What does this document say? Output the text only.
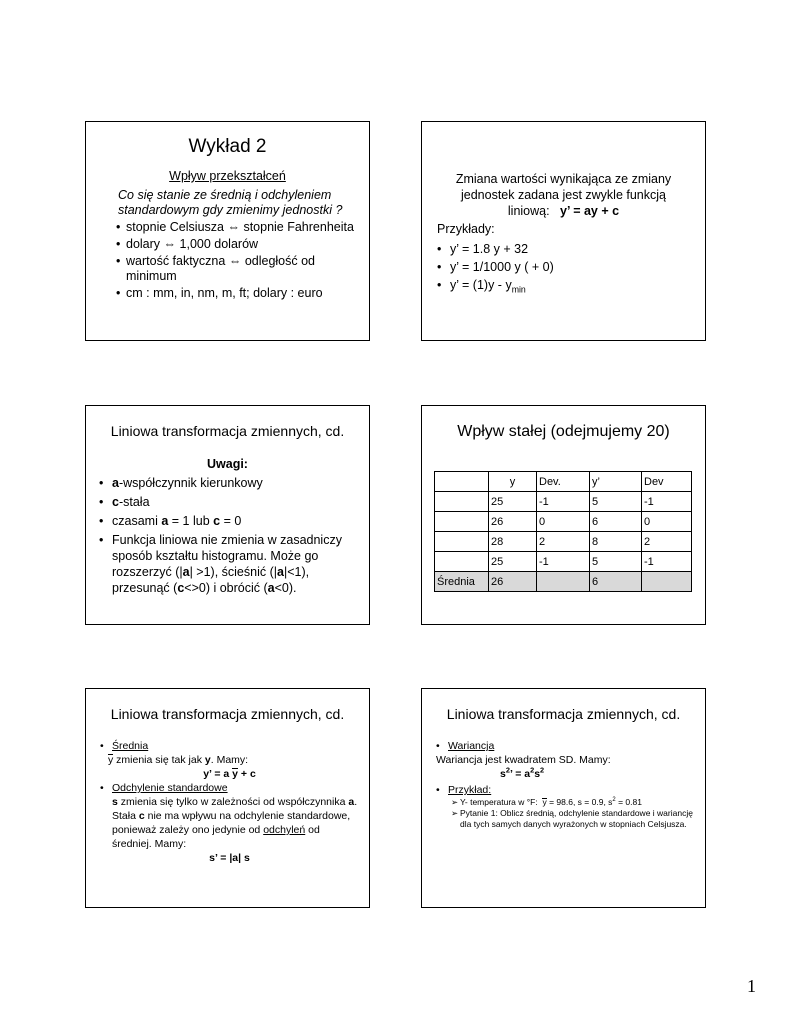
Wykład 2
Wpływ przekształceń
Co się stanie ze średnią i odchyleniem standardowym gdy zmienimy jednostki ?
• stopnie Celsiusza ⇔ stopnie Fahrenheita
• dolary ⇔ 1,000 dolarów
• wartość faktyczna ⇔ odległość od minimum
• cm : mm, in, nm, m, ft; dolary : euro
Zmiana wartości wynikająca ze zmiany jednostek zadana jest zwykle funkcją liniową: y’ = ay + c
Przykłady:
• y’ = 1.8 y + 32
• y’ = 1/1000 y ( + 0)
• y’ = $(1)y - y_{min}$
Liniowa transformacja zmiennych, cd.
Uwagi:
• a-współczynnik kierunkowy
• c-stała
• czasami a = 1 lub c = 0
• Funkcja liniowa nie zmienia w zasadniczy sposób kształtu histogramu. Może go rozszerzyć (|a| >1), ścieśnić (|a|<1), przesunąć (c<>0) i obrócić (a<0).
Wpływ stałej (odejmujemy 20)
	y	Dev.	y’	Dev
	25	-1	5	-1
	26	0	6	0
	28	2	8	2
	25	-1	5	-1
Średnia	26		6	
Liniowa transformacja zmiennych, cd.
• Średnia
y zmienia się tak jak y. Mamy:
y’ = a y + c
• Odchylenie standardowe
s zmienia się tylko w zależności od współczynnika a. Stała c nie ma wpływu na odchylenie standardowe, ponieważ zależy ono jedynie od odchyleń od średniej. Mamy:
s’ = |a| s
Liniowa transformacja zmiennych, cd.
• Wariancja
Wariancja jest kwadratem SD. Mamy:
$s^2$’ = $a^2s^2$
• Przykład:
➢ Y- temperatura w °F: y = 98.6, s = 0.9, $s^2 = 0.81$
➢ Pytanie 1: Oblicz średnią, odchylenie standardowe i wariancję dla tych samych danych wyrażonych w stopniach Celsjusza.
1
